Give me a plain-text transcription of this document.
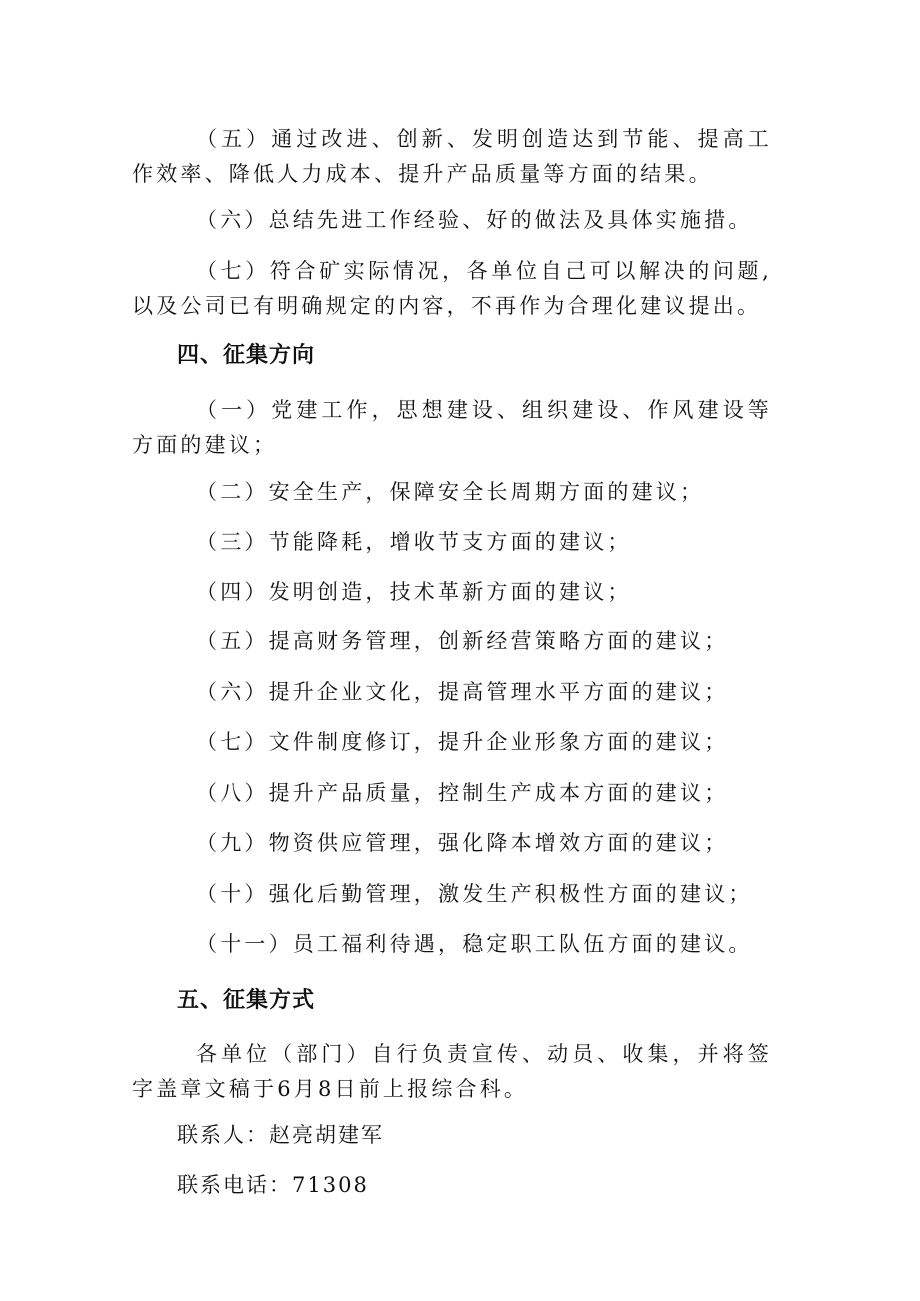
（五）通过改进、创新、发明创造达到节能、提高工作效率、降低人力成本、提升产品质量等方面的结果。

（六）总结先进工作经验、好的做法及具体实施措。

（七）符合矿实际情况，各单位自己可以解决的问题,以及公司已有明确规定的内容，不再作为合理化建议提出。

四、征集方向

（一）党建工作，思想建设、组织建设、作风建设等方面的建议；

（二）安全生产，保障安全长周期方面的建议；

（三）节能降耗，增收节支方面的建议；

（四）发明创造，技术革新方面的建议；

（五）提高财务管理，创新经营策略方面的建议；

（六）提升企业文化，提高管理水平方面的建议；

（七）文件制度修订，提升企业形象方面的建议；

（八）提升产品质量，控制生产成本方面的建议；

（九）物资供应管理，强化降本增效方面的建议；

（十）强化后勤管理，激发生产积极性方面的建议；

（十一）员工福利待遇，稳定职工队伍方面的建议。

五、征集方式

各单位（部门）自行负责宣传、动员、收集，并将签字盖章文稿于6月8日前上报综合科。

联系人：赵亮胡建军

联系电话：71308
